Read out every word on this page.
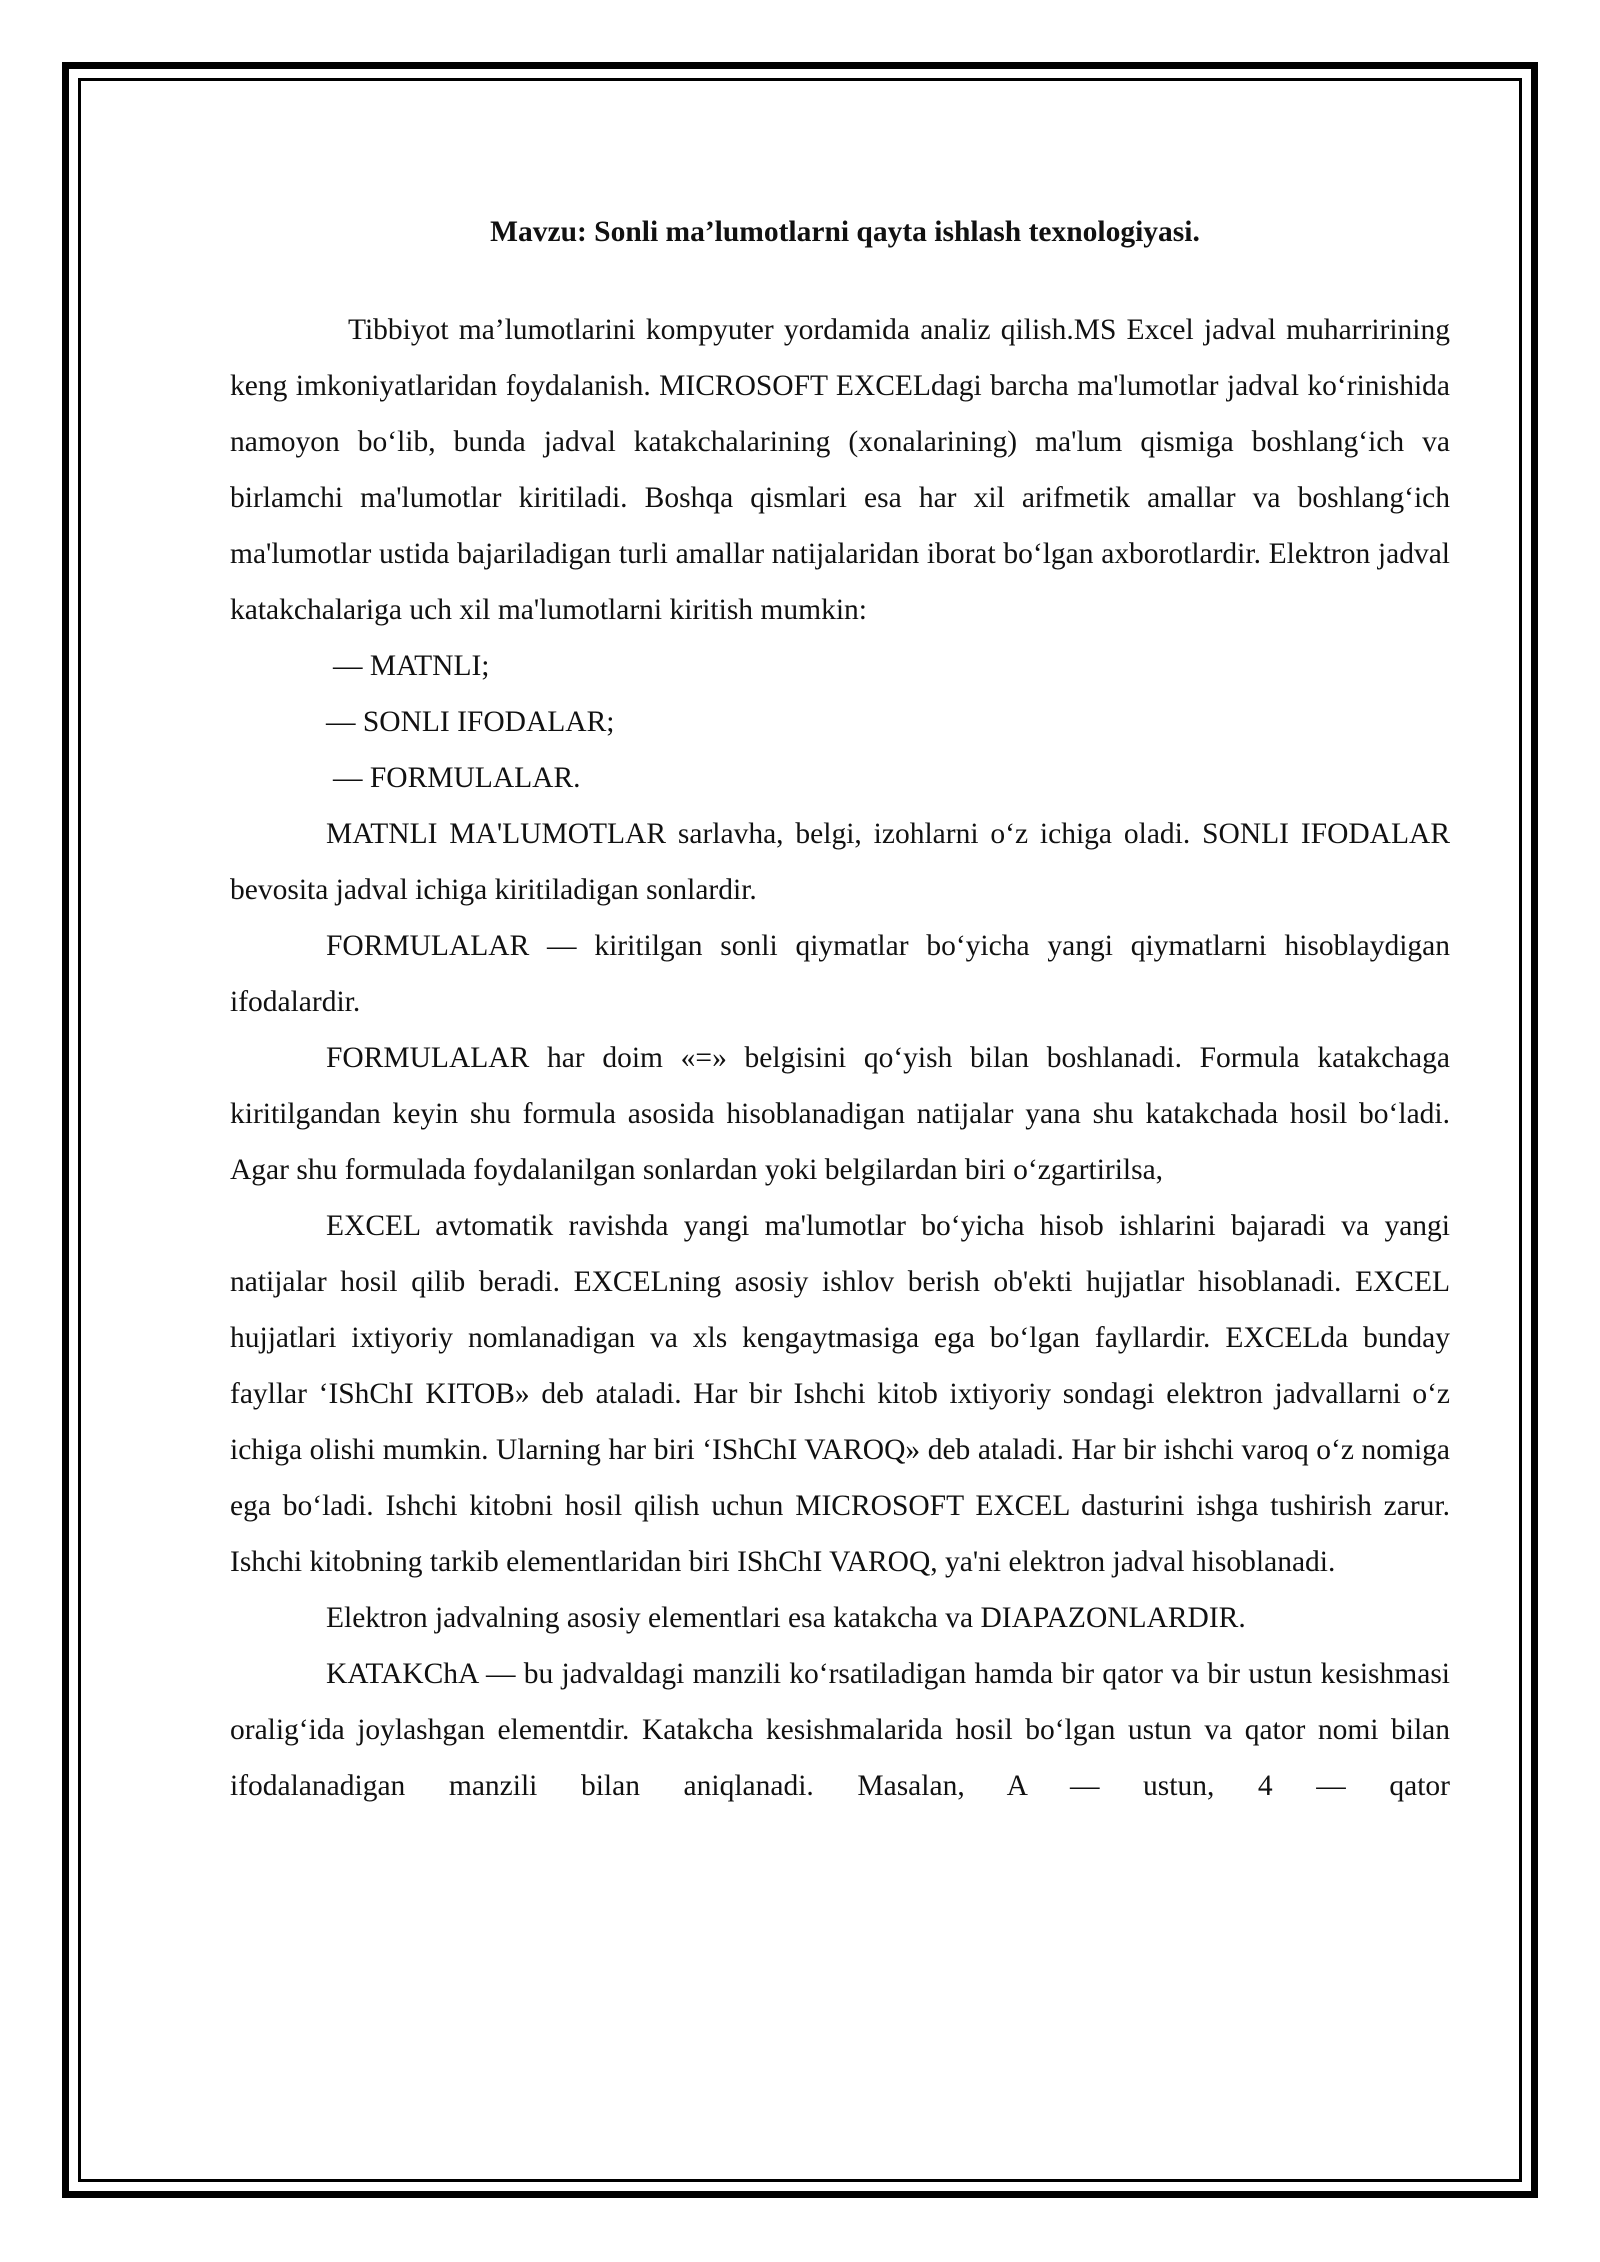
Mavzu: Sonli ma’lumotlarni qayta ishlash texnologiyasi.

Tibbiyot ma’lumotlarini kompyuter yordamida analiz qilish.MS Excel jadval muharririning keng imkoniyatlaridan foydalanish. MICROSOFT EXCELdagi barcha ma'lumotlar jadval koʻrinishida namoyon boʻlib, bunda jadval katakchalarining (xonalarining) ma'lum qismiga boshlangʻich va birlamchi ma'lumotlar kiritiladi. Boshqa qismlari esa har xil arifmetik amallar va boshlangʻich ma'lumotlar ustida bajariladigan turli amallar natijalaridan iborat boʻlgan axborotlardir. Elektron jadval katakchalariga uch xil ma'lumotlarni kiritish mumkin:

— MATNLI;

— SONLI IFODALAR;

— FORMULALAR.

MATNLI MA'LUMOTLAR sarlavha, belgi, izohlarni oʻz ichiga oladi. SONLI IFODALAR bevosita jadval ichiga kiritiladigan sonlardir.

FORMULALAR — kiritilgan sonli qiymatlar boʻyicha yangi qiymatlarni hisoblaydigan ifodalardir.

FORMULALAR har doim «=» belgisini qoʻyish bilan boshlanadi. Formula katakchaga kiritilgandan keyin shu formula asosida hisoblanadigan natijalar yana shu katakchada hosil boʻladi. Agar shu formulada foydalanilgan sonlardan yoki belgilardan biri oʻzgartirilsa,

EXCEL avtomatik ravishda yangi ma'lumotlar boʻyicha hisob ishlarini bajaradi va yangi natijalar hosil qilib beradi. EXCELning asosiy ishlov berish ob'ekti hujjatlar hisoblanadi. EXCEL hujjatlari ixtiyoriy nomlanadigan va xls kengaytmasiga ega boʻlgan fayllardir. EXCELda bunday fayllar ‘IShChI KITOB» deb ataladi. Har bir Ishchi kitob ixtiyoriy sondagi elektron jadvallarni oʻz ichiga olishi mumkin. Ularning har biri ‘IShChI VAROQ» deb ataladi. Har bir ishchi varoq oʻz nomiga ega boʻladi. Ishchi kitobni hosil qilish uchun MICROSOFT EXCEL dasturini ishga tushirish zarur. Ishchi kitobning tarkib elementlaridan biri IShChI VAROQ, ya'ni elektron jadval hisoblanadi.

Elektron jadvalning asosiy elementlari esa katakcha va DIAPAZONLARDIR.

KATAKChA — bu jadvaldagi manzili koʻrsatiladigan hamda bir qator va bir ustun kesishmasi oraligʻida joylashgan elementdir. Katakcha kesishmalarida hosil boʻlgan ustun va qator nomi bilan ifodalanadigan manzili bilan aniqlanadi. Masalan, A — ustun, 4 — qator
